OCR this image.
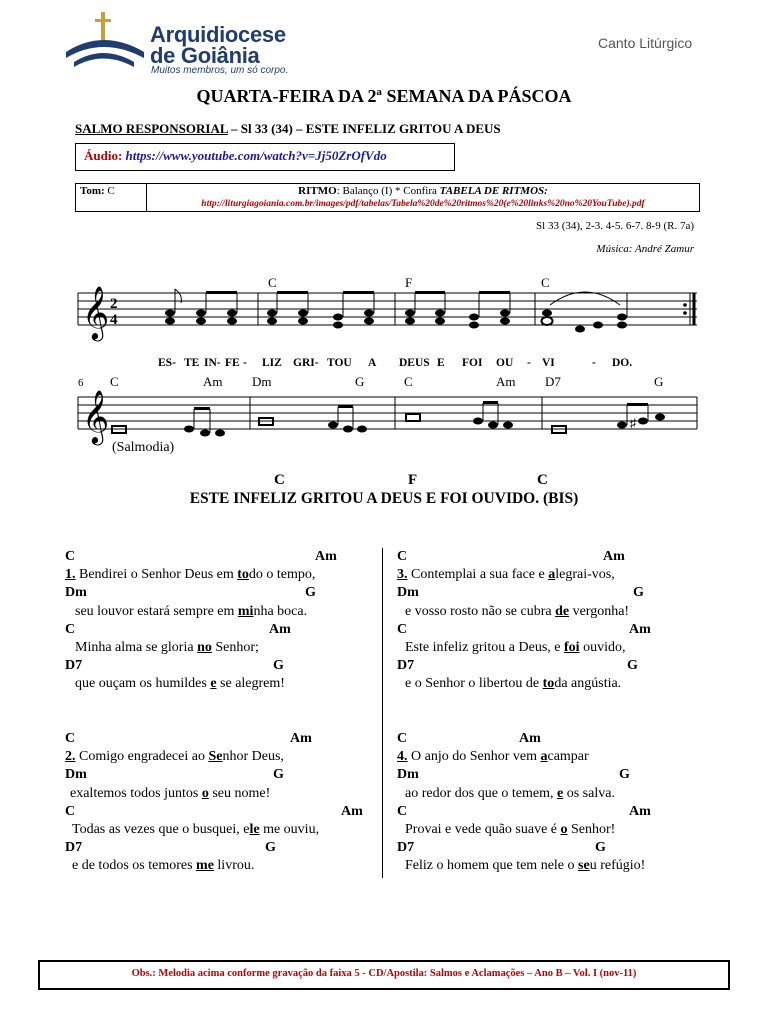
Arquidiocese
de Goiânia
Muitos membros, um só corpo.
Canto Litúrgico
QUARTA-FEIRA DA 2ª SEMANA DA PÁSCOA
SALMO RESPONSORIAL – Sl 33 (34) – ESTE INFELIZ GRITOU A DEUS
Áudio: https://www.youtube.com/watch?v=Jj50ZrOfVdo
Tom: C	RITMO: Balanço (I) * Confira TABELA DE RITMOS:
http://liturgiagoiania.com.br/images/pdf/tabelas/Tabela%20de%20ritmos%20(e%20links%20no%20YouTube).pdf
Sl 33 (34), 2-3. 4-5. 6-7. 8-9 (R. 7a)
Música: André Zamur
𝄞
𝄞
2
4
C	F	C
ES- TE IN- FE - LIZ GRI- TOU A DEUS E FOI OU - VI	- DO.
6 C	Am Dm	G	C	Am D7	G
♯
(Salmodia)
C	F	C
ESTE INFELIZ GRITOU A DEUS E FOI OUVIDO. (BIS)
C	Am
1. Bendirei o Senhor Deus em todo o tempo,
Dm	G
seu louvor estará sempre em minha boca.
C	Am
Minha alma se gloria no Senhor;
D7	G
que ouçam os humildes e se alegrem!
C	Am
2. Comigo engradecei ao Senhor Deus,
Dm	G
exaltemos todos juntos o seu nome!
C	Am
Todas as vezes que o busquei, ele me ouviu,
D7	G
e de todos os temores me livrou.
C	Am
3. Contemplai a sua face e alegrai-vos,
Dm	G
e vosso rosto não se cubra de vergonha!
C	Am
Este infeliz gritou a Deus, e foi ouvido,
D7	G
e o Senhor o libertou de toda angústia.
C	Am
4. O anjo do Senhor vem acampar
Dm	G
ao redor dos que o temem, e os salva.
C	Am
Provai e vede quão suave é o Senhor!
D7	G
Feliz o homem que tem nele o seu refúgio!
Obs.: Melodia acima conforme gravação da faixa 5 - CD/Apostila: Salmos e Aclamações – Ano B – Vol. I (nov-11)
